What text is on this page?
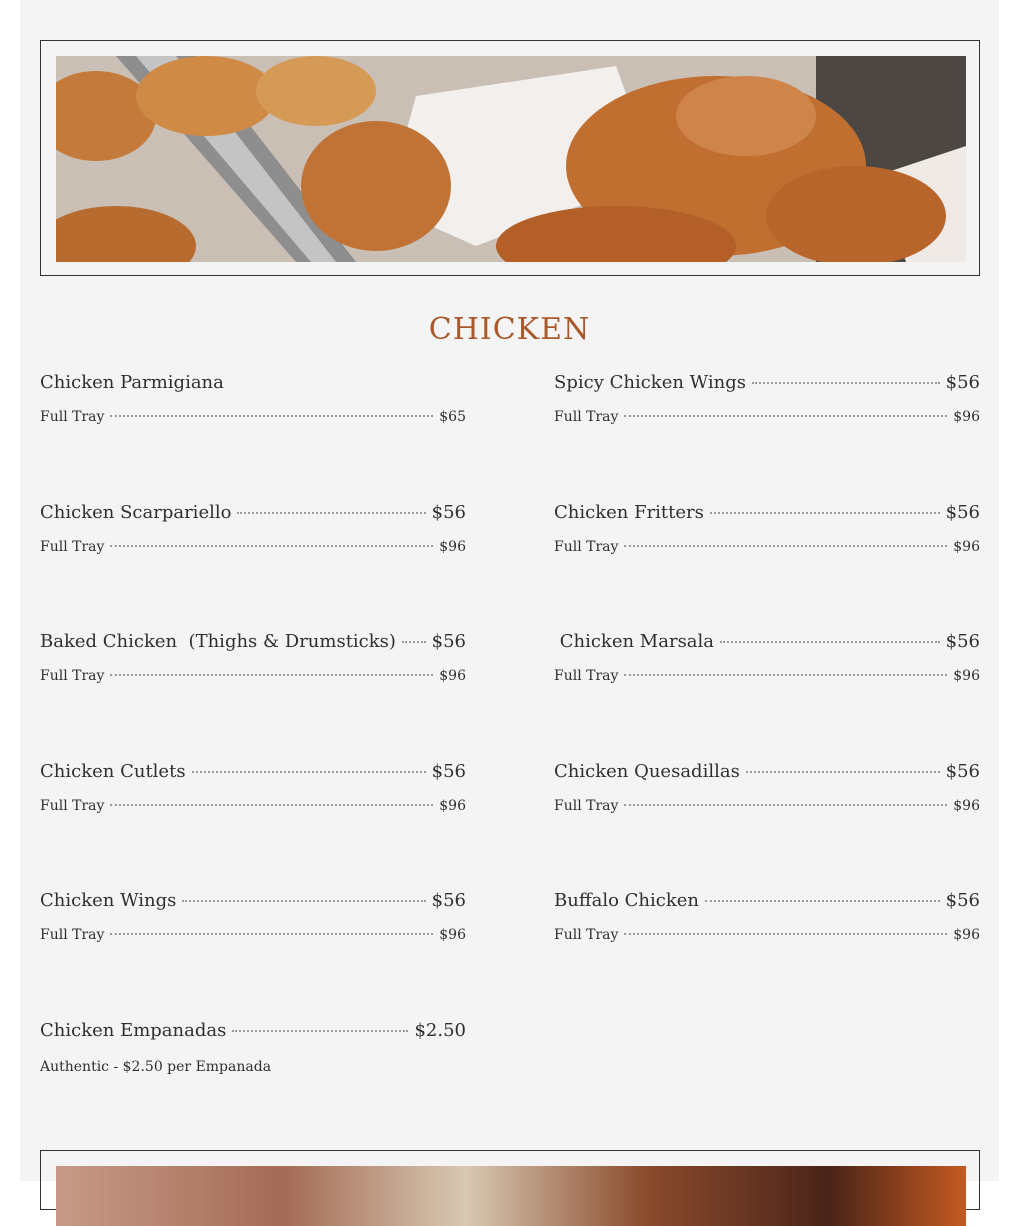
CHICKEN
Chicken Parmigiana
Full Tray	$65
Spicy Chicken Wings	$56
Full Tray	$96
Chicken Scarpariello	$56
Full Tray	$96
Chicken Fritters	$56
Full Tray	$96
Baked Chicken  (Thighs & Drumsticks) $56
Full Tray	$96
Chicken Marsala	$56
Full Tray	$96
Chicken Cutlets	$56
Full Tray	$96
Chicken Quesadillas	$56
Full Tray	$96
Chicken Wings	$56
Full Tray	$96
Buffalo Chicken	$56
Full Tray	$96
Chicken Empanadas	$2.50
Authentic - $2.50 per Empanada
